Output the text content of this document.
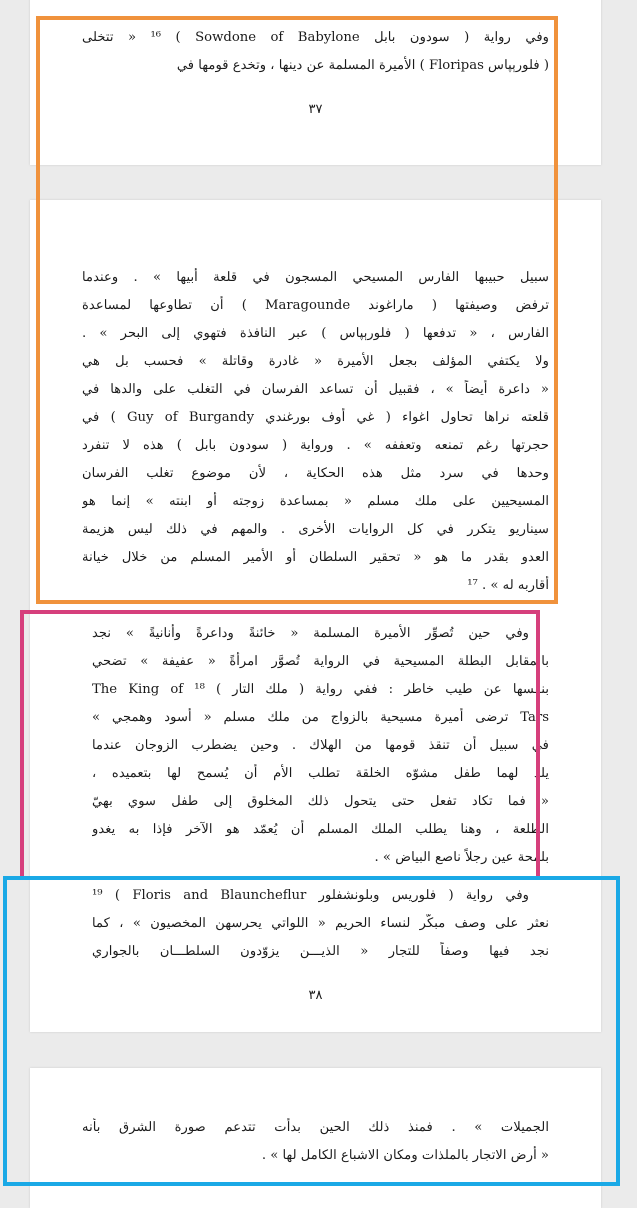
وفي رواية ( سودون بابل Sowdone of Babylone ) ¹⁶ « تتخلى
( فلورېپاس Floripas ) الأميرة المسلمة عن دينها ، وتخدع قومها في
٣٧
سبيل حبيبها الفارس المسيحي المسجون في قلعة أبيها » . وعندما
ترفض وصيفتها ( ماراغوند Maragounde ) أن تطاوعها لمساعدة
الفارس ، « تدفعها ( فلورېپاس ) عبر النافذة فتهوي إلى البحر » .
ولا يكتفي المؤلف بجعل الأميرة « غادرة وقاتلة » فحسب بل هي
« داعرة أيضاً » ، فقبيل أن تساعد الفرسان في التغلب على والدها في
قلعته نراها تحاول اغواء ( غي أوف بورغندي Guy of Burgandy ) في
حجرتها رغم تمنعه وتعففه » . ورواية ( سودون بابل ) هذه لا تنفرد
وحدها في سرد مثل هذه الحكاية ، لأن موضوع تغلب الفرسان
المسيحيين على ملك مسلم « بمساعدة زوجته أو ابنته » إنما هو
سيناريو يتكرر في كل الروايات الأخرى . والمهم في ذلك ليس هزيمة
العدو بقدر ما هو « تحقير السلطان أو الأمير المسلم من خلال خيانة
أقاربه له » . ¹⁷
وفي حين تُصوِّر الأميرة المسلمة « خائنةً وداعرةً وأنانيةً » نجد
بالمقابل البطلة المسيحية في الرواية تُصوَّر امرأةً « عفيفة » تضحي
بنفسها عن طيب خاطر : ففي رواية ( ملك التار ) ¹⁸ The King of
Tars ترضى أميرة مسيحية بالزواج من ملك مسلم « أسود وهمجي »
في سبيل أن تنقذ قومها من الهلاك . وحين يضطرب الزوجان عندما
يلد لهما طفل مشوّه الخلقة تطلب الأم أن يُسمح لها بتعميده ،
« فما تكاد تفعل حتى يتحول ذلك المخلوق إلى طفل سوي بهيّ
الطلعة ، وهنا يطلب الملك المسلم أن يُعمّد هو الآخر فإذا به يغدو
بلمحة عين رجلاً ناصع البياض » .
وفي رواية ( فلوريس وبلونشفلور Floris and Blauncheflur ) ¹⁹
نعثر على وصف مبكّر لنساء الحريم « اللواتي يحرسهن المخصيون » ، كما
نجد فيها وصفاً للتجار « الذيـــن يزوّدون السلطـــان بالجواري
٣٨
الجميلات » . فمنذ ذلك الحين بدأت تتدعم صورة الشرق بأنه
« أرض الاتجار بالملذات ومكان الاشباع الكامل لها » .
